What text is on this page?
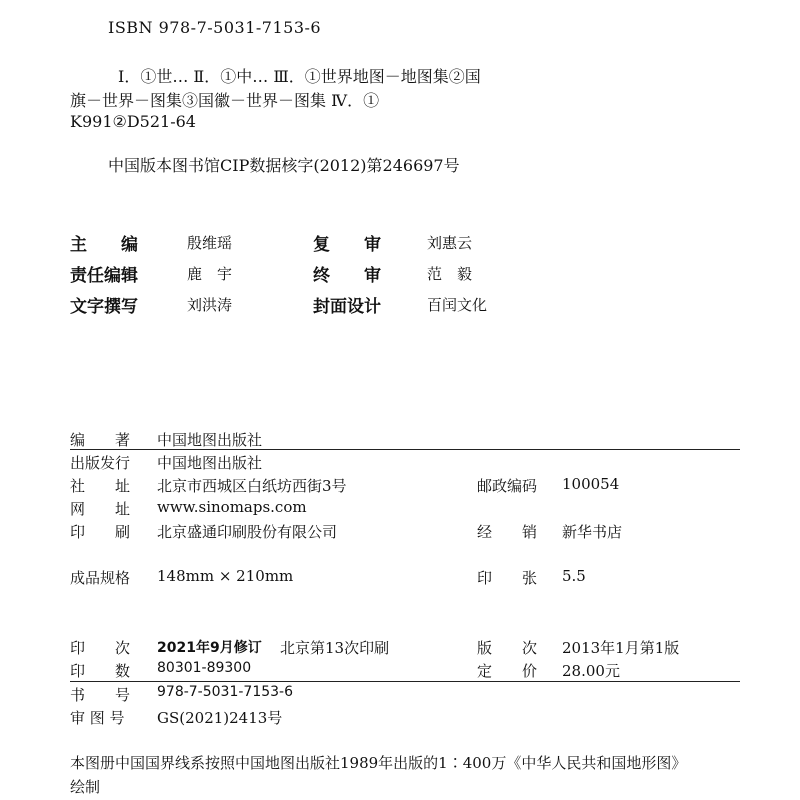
ISBN 978-7-5031-7153-6
Ⅰ．①世… Ⅱ．①中… Ⅲ．①世界地图－地图集②国
旗－世界－图集③国徽－世界－图集 Ⅳ．①
K991②D521-64
中国版本图书馆CIP数据核字(2012)第246697号
主　　编	殷维瑶	复　　审	刘惠云
责任编辑	鹿　宇	终　　审	范　毅
文字撰写	刘洪涛	封面设计	百闰文化
编　　著 中国地图出版社
出版发行 中国地图出版社
社　　址 北京市西城区白纸坊西街3号	邮政编码 100054
网　　址 www.sinomaps.com
印　　刷 北京盛通印刷股份有限公司	经　　销 新华书店
成品规格 148mm × 210mm	印　　张 5.5
印　　次 2021年9月修订 北京第13次印刷	版　　次 2013年1月第1版
印　　数 80301-89300	定　　价 28.00元
书　　号 978-7-5031-7153-6
审 图 号 GS(2021)2413号
本图册中国国界线系按照中国地图出版社1989年出版的1∶400万《中华人民共和国地形图》
绘制
